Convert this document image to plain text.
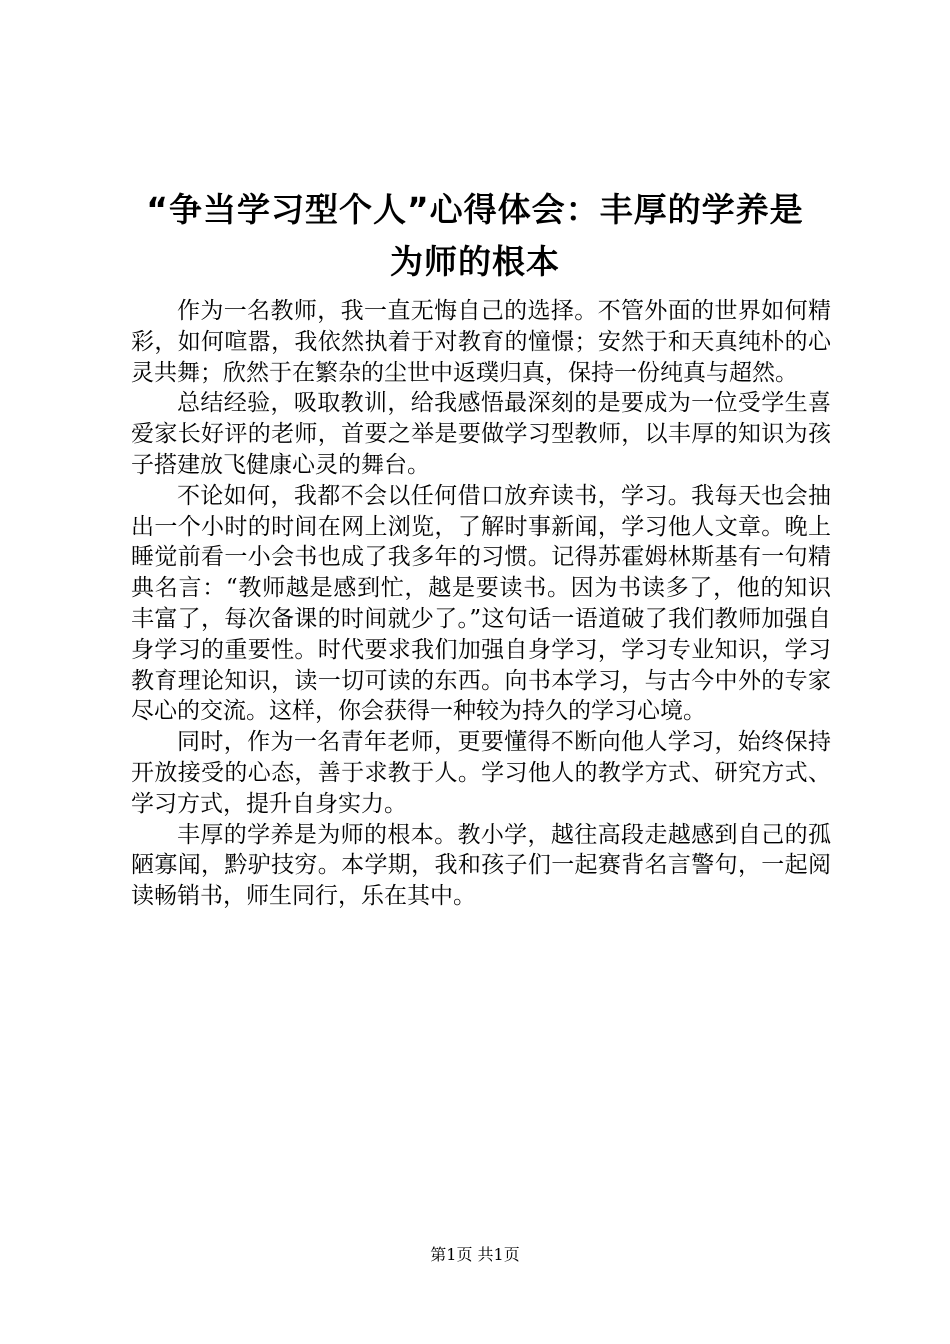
“争当学习型个人”心得体会：丰厚的学养是
为师的根本

作为一名教师，我一直无悔自己的选择。不管外面的世界如何精彩，如何喧嚣，我依然执着于对教育的憧憬；安然于和天真纯朴的心灵共舞；欣然于在繁杂的尘世中返璞归真，保持一份纯真与超然。

总结经验，吸取教训，给我感悟最深刻的是要成为一位受学生喜爱家长好评的老师，首要之举是要做学习型教师，以丰厚的知识为孩子搭建放飞健康心灵的舞台。

不论如何，我都不会以任何借口放弃读书，学习。我每天也会抽出一个小时的时间在网上浏览，了解时事新闻，学习他人文章。晚上睡觉前看一小会书也成了我多年的习惯。记得苏霍姆林斯基有一句精典名言：“教师越是感到忙，越是要读书。因为书读多了，他的知识丰富了，每次备课的时间就少了。”这句话一语道破了我们教师加强自身学习的重要性。时代要求我们加强自身学习，学习专业知识，学习教育理论知识，读一切可读的东西。向书本学习，与古今中外的专家尽心的交流。这样，你会获得一种较为持久的学习心境。

同时，作为一名青年老师，更要懂得不断向他人学习，始终保持开放接受的心态，善于求教于人。学习他人的教学方式、研究方式、学习方式，提升自身实力。

丰厚的学养是为师的根本。教小学，越往高段走越感到自己的孤陋寡闻，黔驴技穷。本学期，我和孩子们一起赛背名言警句，一起阅读畅销书，师生同行，乐在其中。

第1页 共1页
